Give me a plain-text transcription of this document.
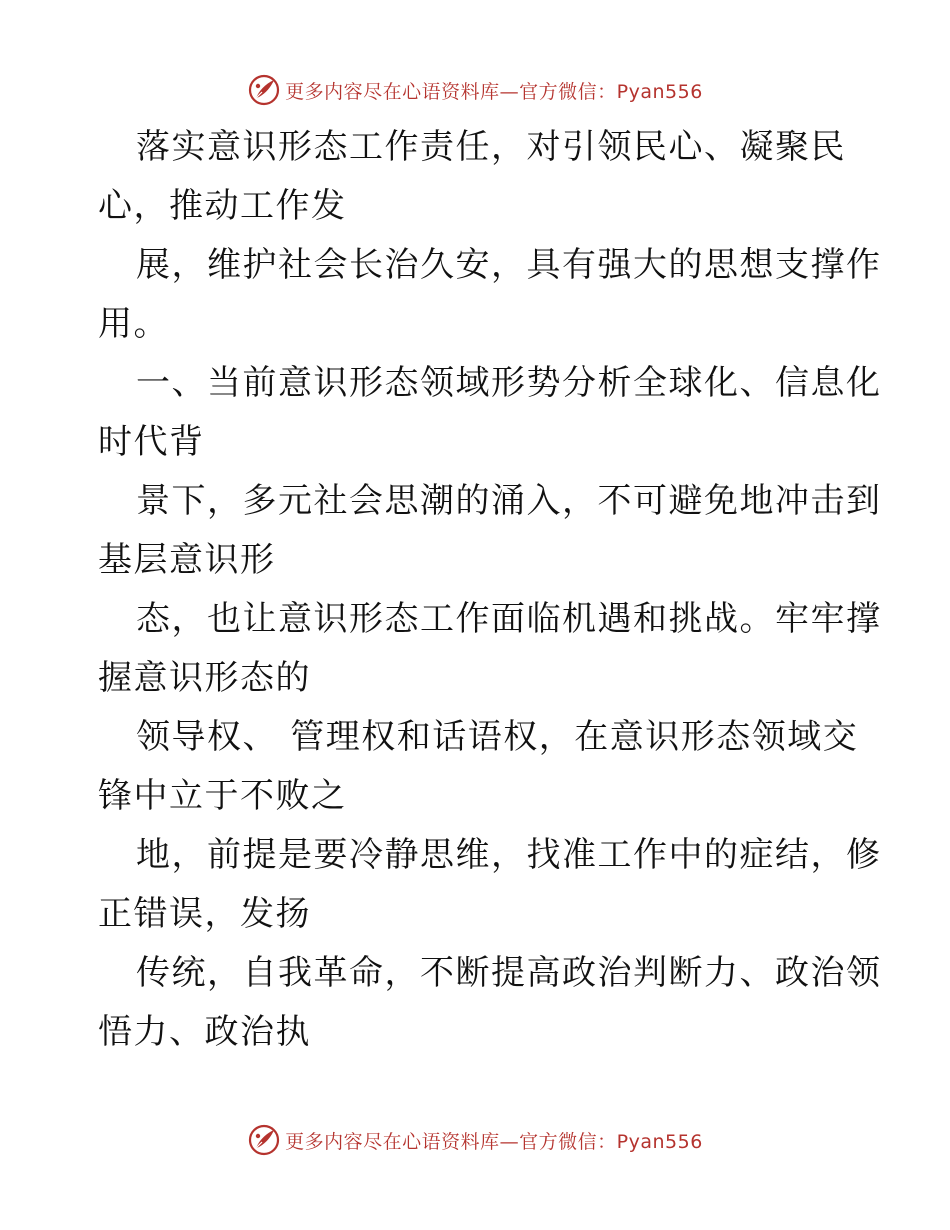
更多内容尽在心语资料库—官方微信：Pyan556
落实意识形态工作责任，对引领民心、凝聚民
心，推动工作发
展，维护社会长治久安，具有强大的思想支撑作
用。
一、当前意识形态领域形势分析全球化、信息化
时代背
景下，多元社会思潮的涌入，不可避免地冲击到
基层意识形
态，也让意识形态工作面临机遇和挑战。牢牢撑
握意识形态的
领导权、 管理权和话语权，在意识形态领域交
锋中立于不败之
地，前提是要冷静思维，找准工作中的症结，修
正错误，发扬
传统，自我革命，不断提高政治判断力、政治领
悟力、政治执
更多内容尽在心语资料库—官方微信：Pyan556
